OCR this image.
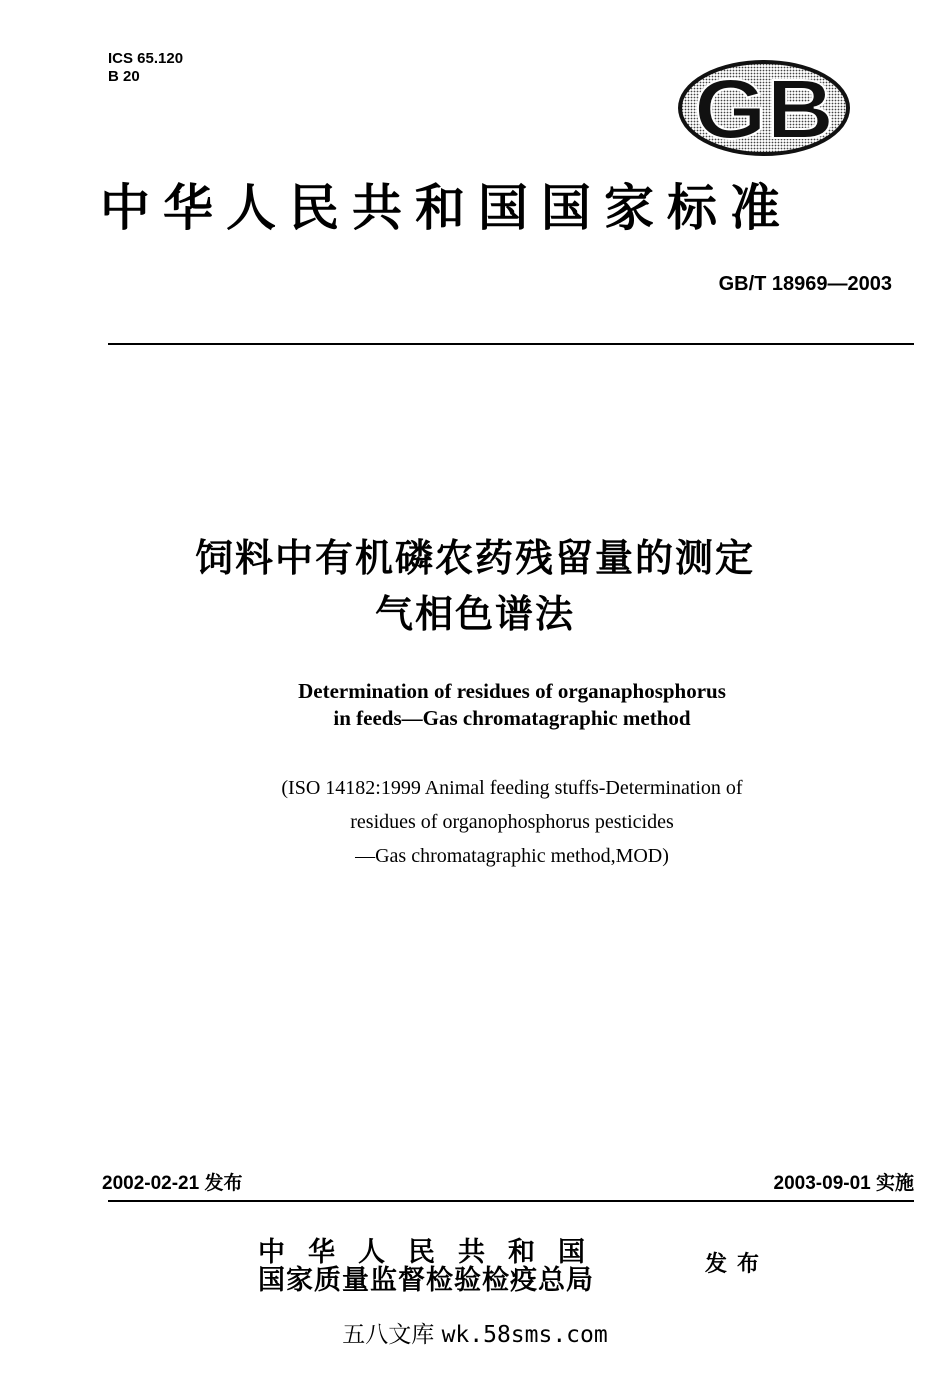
ICS 65.120
B 20	GB
中华人民共和国国家标准
GB/T 18969—2003
饲料中有机磷农药残留量的测定
气相色谱法
Determination of residues of organaphosphorus
in feeds—Gas chromatagraphic method
(ISO 14182:1999 Animal feeding stuffs-Determination of
residues of organophosphorus pesticides
—Gas chromatagraphic method,MOD)
2002-02-21 发布	2003-09-01 实施
中华人民共和国
国家质量监督检验检疫总局
发布
五八文库 wk.58sms.com
